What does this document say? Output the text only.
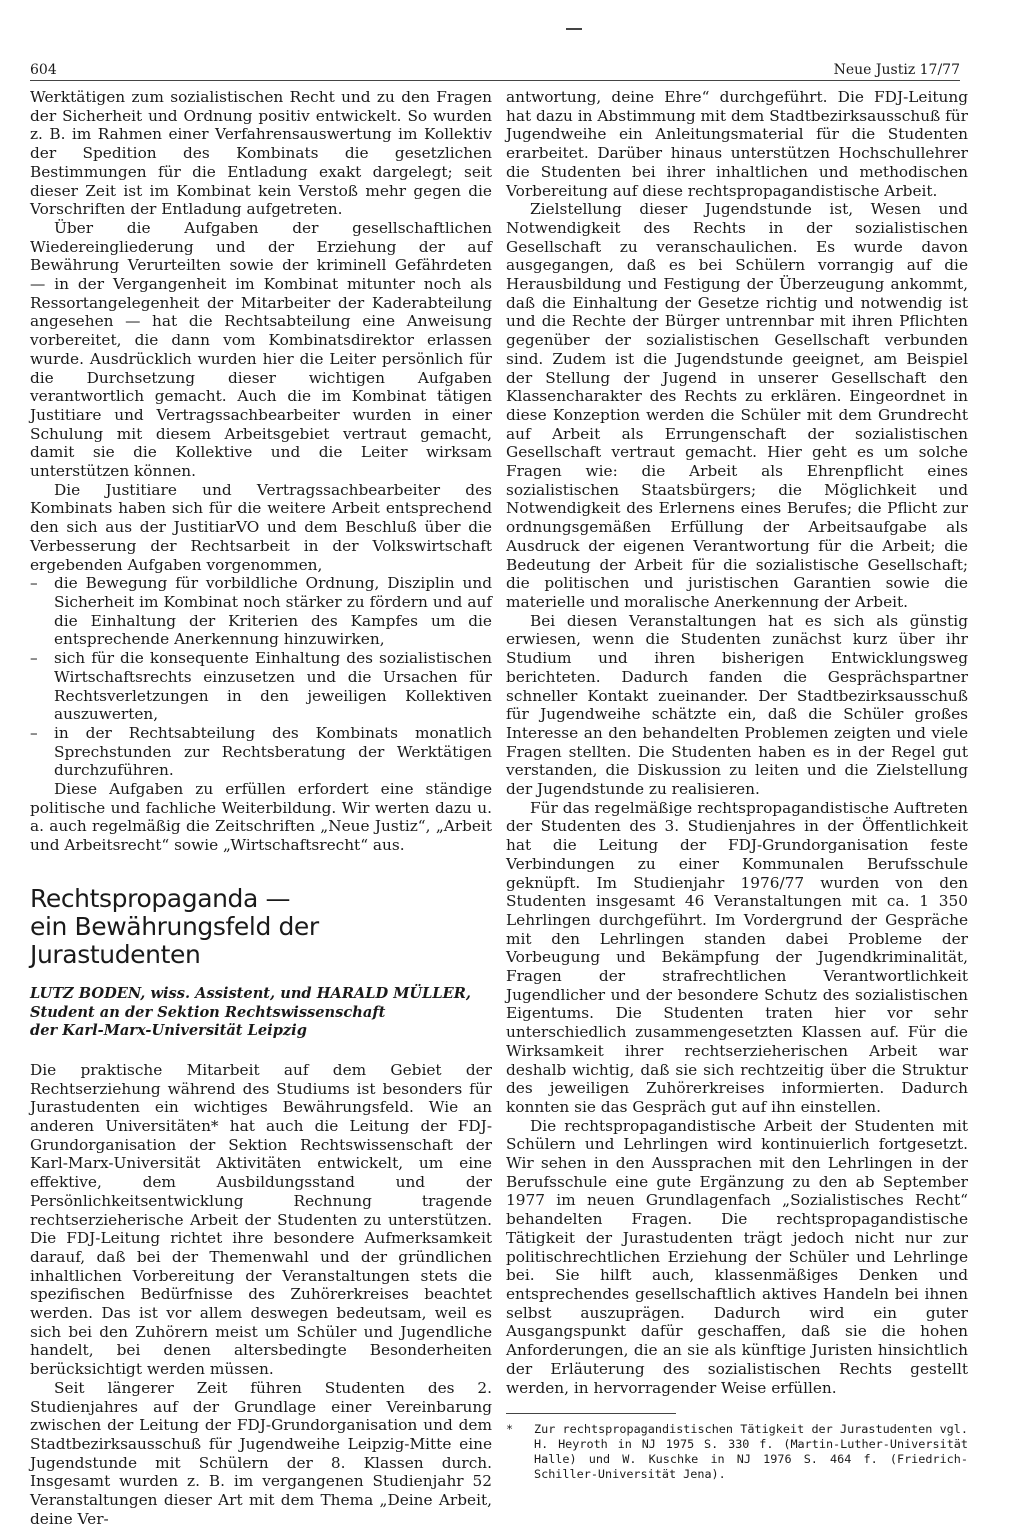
604	Neue Justiz 17/77

Werktätigen zum sozialistischen Recht und zu den Fragen der Sicherheit und Ordnung positiv entwickelt. So wurden z. B. im Rahmen einer Verfahrensauswertung im Kollektiv der Spedition des Kombinats die gesetzlichen Bestimmungen für die Entladung exakt dargelegt; seit dieser Zeit ist im Kombinat kein Verstoß mehr gegen die Vorschriften der Entladung aufgetreten.

Über die Aufgaben der gesellschaftlichen Wiedereingliederung und der Erziehung der auf Bewährung Verurteilten sowie der kriminell Gefährdeten — in der Vergangenheit im Kombinat mitunter noch als Ressortangelegenheit der Mitarbeiter der Kaderabteilung angesehen — hat die Rechtsabteilung eine Anweisung vorbereitet, die dann vom Kombinatsdirektor erlassen wurde. Ausdrücklich wurden hier die Leiter persönlich für die Durchsetzung dieser wichtigen Aufgaben verantwortlich gemacht. Auch die im Kombinat tätigen Justitiare und Vertragssachbearbeiter wurden in einer Schulung mit diesem Arbeitsgebiet vertraut gemacht, damit sie die Kollektive und die Leiter wirksam unterstützen können.

Die Justitiare und Vertragssachbearbeiter des Kombinats haben sich für die weitere Arbeit entsprechend den sich aus der JustitiarVO und dem Beschluß über die Verbesserung der Rechtsarbeit in der Volkswirtschaft ergebenden Aufgaben vorgenommen,

– die Bewegung für vorbildliche Ordnung, Disziplin und Sicherheit im Kombinat noch stärker zu fördern und auf die Einhaltung der Kriterien des Kampfes um die entsprechende Anerkennung hinzuwirken,
– sich für die konsequente Einhaltung des sozialistischen Wirtschaftsrechts einzusetzen und die Ursachen für Rechtsverletzungen in den jeweiligen Kollektiven auszuwerten,
– in der Rechtsabteilung des Kombinats monatlich Sprechstunden zur Rechtsberatung der Werktätigen durchzuführen.

Diese Aufgaben zu erfüllen erfordert eine ständige politische und fachliche Weiterbildung. Wir werten dazu u. a. auch regelmäßig die Zeitschriften „Neue Justiz“, „Arbeit und Arbeitsrecht“ sowie „Wirtschaftsrecht“ aus.

Rechtspropaganda —
ein Bewährungsfeld der Jurastudenten
LUTZ BODEN, wiss. Assistent, und HARALD MÜLLER,
Student an der Sektion Rechtswissenschaft
der Karl-Marx-Universität Leipzig

Die praktische Mitarbeit auf dem Gebiet der Rechtserziehung während des Studiums ist besonders für Jurastudenten ein wichtiges Bewährungsfeld. Wie an anderen Universitäten* hat auch die Leitung der FDJ-Grundorganisation der Sektion Rechtswissenschaft der Karl-Marx-Universität Aktivitäten entwickelt, um eine effektive, dem Ausbildungsstand und der Persönlichkeitsentwicklung Rechnung tragende rechtserzieherische Arbeit der Studenten zu unterstützen. Die FDJ-Leitung richtet ihre besondere Aufmerksamkeit darauf, daß bei der Themenwahl und der gründlichen inhaltlichen Vorbereitung der Veranstaltungen stets die spezifischen Bedürfnisse des Zuhörerkreises beachtet werden. Das ist vor allem deswegen bedeutsam, weil es sich bei den Zuhörern meist um Schüler und Jugendliche handelt, bei denen altersbedingte Besonderheiten berücksichtigt werden müssen.

Seit längerer Zeit führen Studenten des 2. Studienjahres auf der Grundlage einer Vereinbarung zwischen der Leitung der FDJ-Grundorganisation und dem Stadtbezirksausschuß für Jugendweihe Leipzig-Mitte eine Jugendstunde mit Schülern der 8. Klassen durch. Insgesamt wurden z. B. im vergangenen Studienjahr 52 Veranstaltungen dieser Art mit dem Thema „Deine Arbeit, deine Ver-

antwortung, deine Ehre“ durchgeführt. Die FDJ-Leitung hat dazu in Abstimmung mit dem Stadtbezirksausschuß für Jugendweihe ein Anleitungsmaterial für die Studenten erarbeitet. Darüber hinaus unterstützen Hochschullehrer die Studenten bei ihrer inhaltlichen und methodischen Vorbereitung auf diese rechtspropagandistische Arbeit.

Zielstellung dieser Jugendstunde ist, Wesen und Notwendigkeit des Rechts in der sozialistischen Gesellschaft zu veranschaulichen. Es wurde davon ausgegangen, daß es bei Schülern vorrangig auf die Herausbildung und Festigung der Überzeugung ankommt, daß die Einhaltung der Gesetze richtig und notwendig ist und die Rechte der Bürger untrennbar mit ihren Pflichten gegenüber der sozialistischen Gesellschaft verbunden sind. Zudem ist die Jugendstunde geeignet, am Beispiel der Stellung der Jugend in unserer Gesellschaft den Klassencharakter des Rechts zu erklären. Eingeordnet in diese Konzeption werden die Schüler mit dem Grundrecht auf Arbeit als Errungenschaft der sozialistischen Gesellschaft vertraut gemacht. Hier geht es um solche Fragen wie: die Arbeit als Ehrenpflicht eines sozialistischen Staatsbürgers; die Möglichkeit und Notwendigkeit des Erlernens eines Berufes; die Pflicht zur ordnungsgemäßen Erfüllung der Arbeitsaufgabe als Ausdruck der eigenen Verantwortung für die Arbeit; die Bedeutung der Arbeit für die sozialistische Gesellschaft; die politischen und juristischen Garantien sowie die materielle und moralische Anerkennung der Arbeit.

Bei diesen Veranstaltungen hat es sich als günstig erwiesen, wenn die Studenten zunächst kurz über ihr Studium und ihren bisherigen Entwicklungsweg berichteten. Dadurch fanden die Gesprächspartner schneller Kontakt zueinander. Der Stadtbezirksausschuß für Jugendweihe schätzte ein, daß die Schüler großes Interesse an den behandelten Problemen zeigten und viele Fragen stellten. Die Studenten haben es in der Regel gut verstanden, die Diskussion zu leiten und die Zielstellung der Jugendstunde zu realisieren.

Für das regelmäßige rechtspropagandistische Auftreten der Studenten des 3. Studienjahres in der Öffentlichkeit hat die Leitung der FDJ-Grundorganisation feste Verbindungen zu einer Kommunalen Berufsschule geknüpft. Im Studienjahr 1976/77 wurden von den Studenten insgesamt 46 Veranstaltungen mit ca. 1 350 Lehrlingen durchgeführt. Im Vordergrund der Gespräche mit den Lehrlingen standen dabei Probleme der Vorbeugung und Bekämpfung der Jugendkriminalität, Fragen der strafrechtlichen Verantwortlichkeit Jugendlicher und der besondere Schutz des sozialistischen Eigentums. Die Studenten traten hier vor sehr unterschiedlich zusammengesetzten Klassen auf. Für die Wirksamkeit ihrer rechtserzieherischen Arbeit war deshalb wichtig, daß sie sich rechtzeitig über die Struktur des jeweiligen Zuhörerkreises informierten. Dadurch konnten sie das Gespräch gut auf ihn einstellen.

Die rechtspropagandistische Arbeit der Studenten mit Schülern und Lehrlingen wird kontinuierlich fortgesetzt. Wir sehen in den Aussprachen mit den Lehrlingen in der Berufsschule eine gute Ergänzung zu den ab September 1977 im neuen Grundlagenfach „Sozialistisches Recht“ behandelten Fragen. Die rechtspropagandistische Tätigkeit der Jurastudenten trägt jedoch nicht nur zur politischrechtlichen Erziehung der Schüler und Lehrlinge bei. Sie hilft auch, klassenmäßiges Denken und entsprechendes gesellschaftlich aktives Handeln bei ihnen selbst auszuprägen. Dadurch wird ein guter Ausgangspunkt dafür geschaffen, daß sie die hohen Anforderungen, die an sie als künftige Juristen hinsichtlich der Erläuterung des sozialistischen Rechts gestellt werden, in hervorragender Weise erfüllen.

* Zur rechtspropagandistischen Tätigkeit der Jurastudenten vgl. H. Heyroth in NJ 1975 S. 330 f. (Martin-Luther-Universität Halle) und W. Kuschke in NJ 1976 S. 464 f. (Friedrich-Schiller-Universität Jena).
